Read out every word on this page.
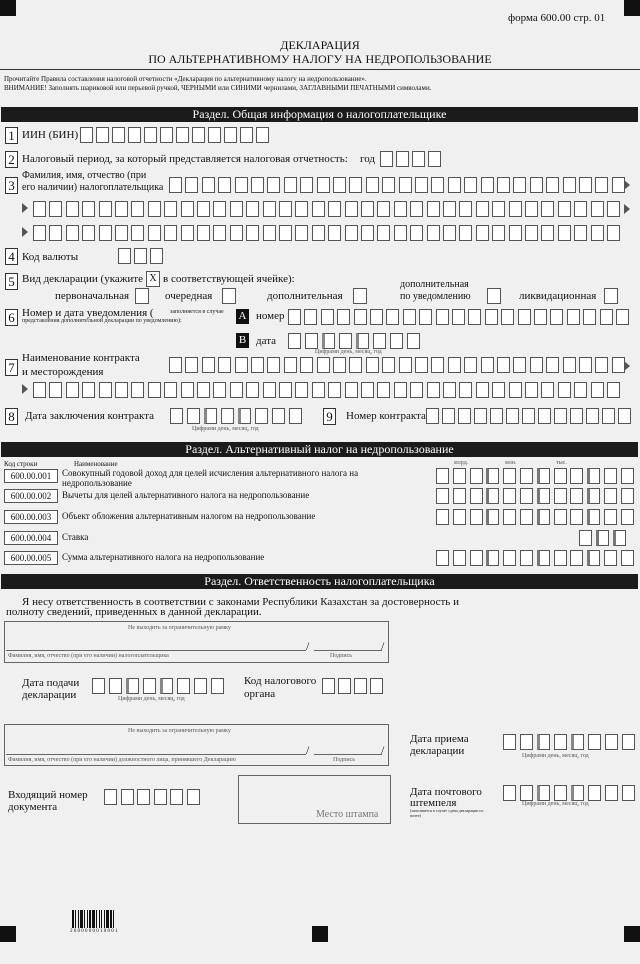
форма 600.00 стр. 01
ДЕКЛАРАЦИЯ
ПО АЛЬТЕРНАТИВНОМУ НАЛОГУ НА НЕДРОПОЛЬЗОВАНИЕ
Прочитайте Правила составления налоговой отчетности «Декларация по альтернативному налогу на недропользование».
ВНИМАНИЕ! Заполнять шариковой или перьевой ручкой, ЧЕРНЫМИ или СИНИМИ чернилами, ЗАГЛАВНЫМИ ПЕЧАТНЫМИ символами.
Раздел. Общая информация о налогоплательщике
1 ИИН (БИН)
2 Налоговый период, за который представляется налоговая отчетность: год
3
Фамилия, имя, отчество (при
его наличии) налогоплательщика
4 Код валюты
5 Вид декларации (укажите X в соответствующей ячейке):
первоначальная	очередная	дополнительная
дополнительная
по уведомлению	ликвидационная
6 Номер и дата уведомления (	заполняется в случае
представления дополнительной декларации по уведомлению):	A номер
B дата
Цифрами день, месяц, год
7
Наименование контракта
и месторождения
8 Дата заключения контракта
Цифрами день, месяц, год
9 Номер контракта
Раздел. Альтернативный налог на недропользование
Код строки	Наименование	млрд.	млн.	тыс.
Раздел. Ответственность налогоплательщика
Я несу ответственность в соответствии с законами Республики Казахстан за достоверность и
полноту сведений, приведенных в данной декларации.
Не выходить за ограничительную рамку
/	/
Фамилия, имя, отчество (при его наличии) налогоплательщика	Подпись
Дата подачи
декларации	Цифрами день, месяц, год
Код налогового
органа
Не выходить за ограничительную рамку
/	/
Фамилия, имя, отчество (при его наличии) должностного лица, принявшего Декларацию	Подпись
Дата приема
декларации	Цифрами день, месяц, год
Входящий номер
документа
Место штампа
Дата почтового
штемпеля
(заполняется в случае сдачи декларации по почте)
Цифрами день, месяц, год
2 6 0 0 0 0 0 0 1 0 0 0 1
600.00.001	Совокупный годовой доход для целей исчисления альтернативного налога на
недропользование
600.00.002	Вычеты для целей альтернативного налога на недропользование
600.00.003	Объект обложения альтернативным налогом на недропользование
600.00.004	Ставка
600.00.005	Сумма альтернативного налога на недропользование
